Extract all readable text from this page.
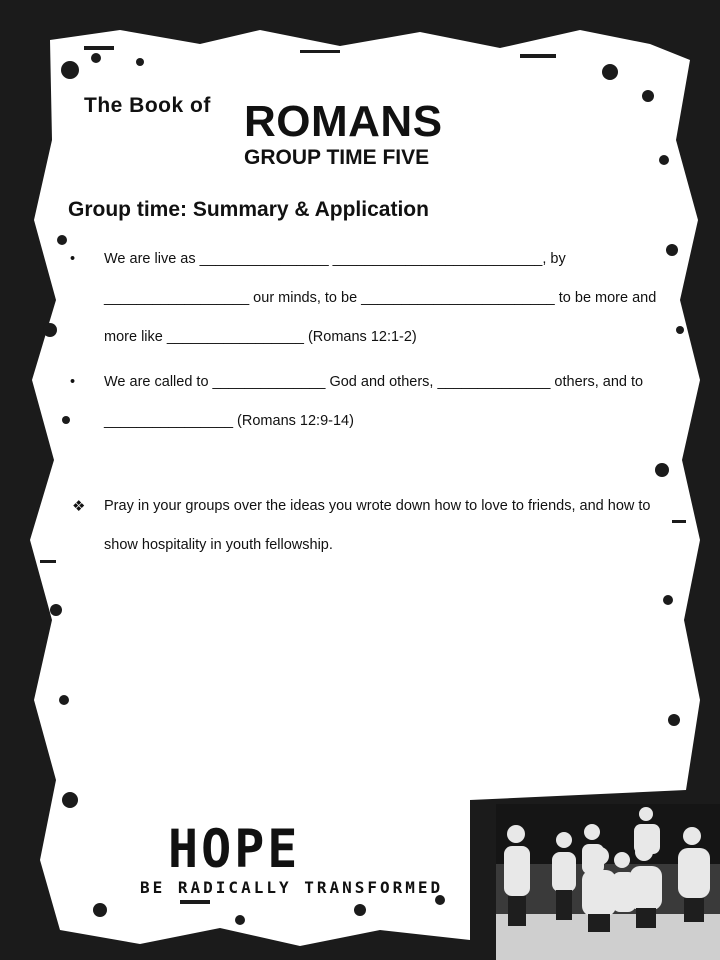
The Book of ROMANS
GROUP TIME FIVE
Group time: Summary & Application
•	We are live as ________________ __________________________, by __________________ our minds, to be ________________________ to be more and more like _________________ (Romans 12:1-2)
•	We are called to ______________ God and others, ______________ others, and to ________________ (Romans 12:9-14)
❖	Pray in your groups over the ideas you wrote down how to love to friends, and how to show hospitality in youth fellowship.
HOPE
BE RADICALLY TRANSFORMED
